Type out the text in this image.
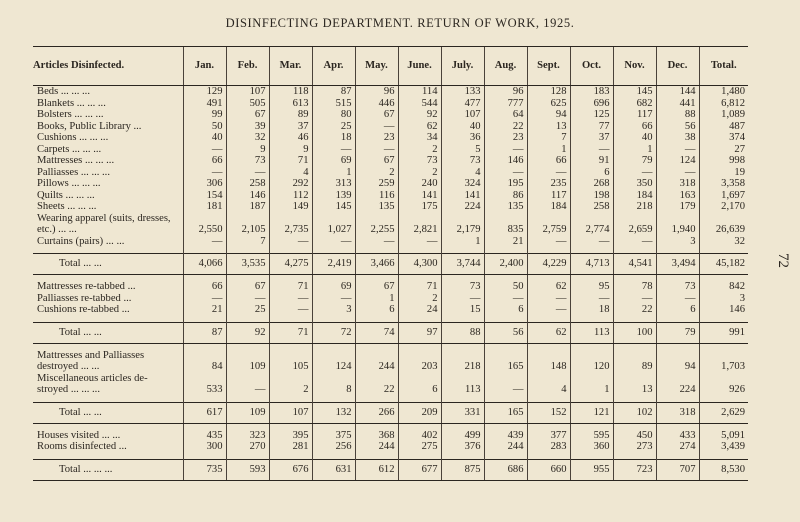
DISINFECTING DEPARTMENT. RETURN OF WORK, 1925.
72
Articles Disinfected.	Jan.	Feb.	Mar.	Apr.	May.	June.	July.	Aug.	Sept.	Oct.	Nov.	Dec.	Total.
Beds ... ... ...	129	107	118	87	96	114	133	96	128	183	145	144	1,480
Blankets ... ... ...	491	505	613	515	446	544	477	777	625	696	682	441	6,812
Bolsters ... ... ...	99	67	89	80	67	92	107	64	94	125	117	88	1,089
Books, Public Library ...	50	39	37	25	—	62	40	22	13	77	66	56	487
Cushions ... ... ...	40	32	46	18	23	34	36	23	7	37	40	38	374
Carpets ... ... ...	—	9	9	—	—	2	5	—	1	—	1	—	27
Mattresses ... ... ...	66	73	71	69	67	73	73	146	66	91	79	124	998
Palliasses ... ... ...	—	—	4	1	2	2	4	—	—	6	—	—	19
Pillows ... ... ...	306	258	292	313	259	240	324	195	235	268	350	318	3,358
Quilts ... ... ...	154	146	112	139	116	141	141	86	117	198	184	163	1,697
Sheets ... ... ...	181	187	149	145	135	175	224	135	184	258	218	179	2,170
Wearing apparel (suits, dresses, etc.) ... ...	2,550	2,105	2,735	1,027	2,255	2,821	2,179	835	2,759	2,774	2,659	1,940	26,639
Curtains (pairs) ... ...	—	7	—	—	—	—	1	21	—	—	—	3	32

Total ... ...	4,066	3,535	4,275	2,419	3,466	4,300	3,744	2,400	4,229	4,713	4,541	3,494	45,182

Mattresses re-tabbed ...	66	67	71	69	67	71	73	50	62	95	78	73	842
Palliasses re-tabbed ...	—	—	—	—	1	2	—	—	—	—	—	—	3
Cushions re-tabbed ...	21	25	—	3	6	24	15	6	—	18	22	6	146

Total ... ...	87	92	71	72	74	97	88	56	62	113	100	79	991

Mattresses and Palliasses destroyed ... ...	84	109	105	124	244	203	218	165	148	120	89	94	1,703
Miscellaneous articles de- stroyed ... ... ...	533	—	2	8	22	6	113	—	4	1	13	224	926

Total ... ...	617	109	107	132	266	209	331	165	152	121	102	318	2,629

Houses visited ... ...	435	323	395	375	368	402	499	439	377	595	450	433	5,091
Rooms disinfected ...	300	270	281	256	244	275	376	244	283	360	273	274	3,439

Total ... ... ...	735	593	676	631	612	677	875	686	660	955	723	707	8,530
